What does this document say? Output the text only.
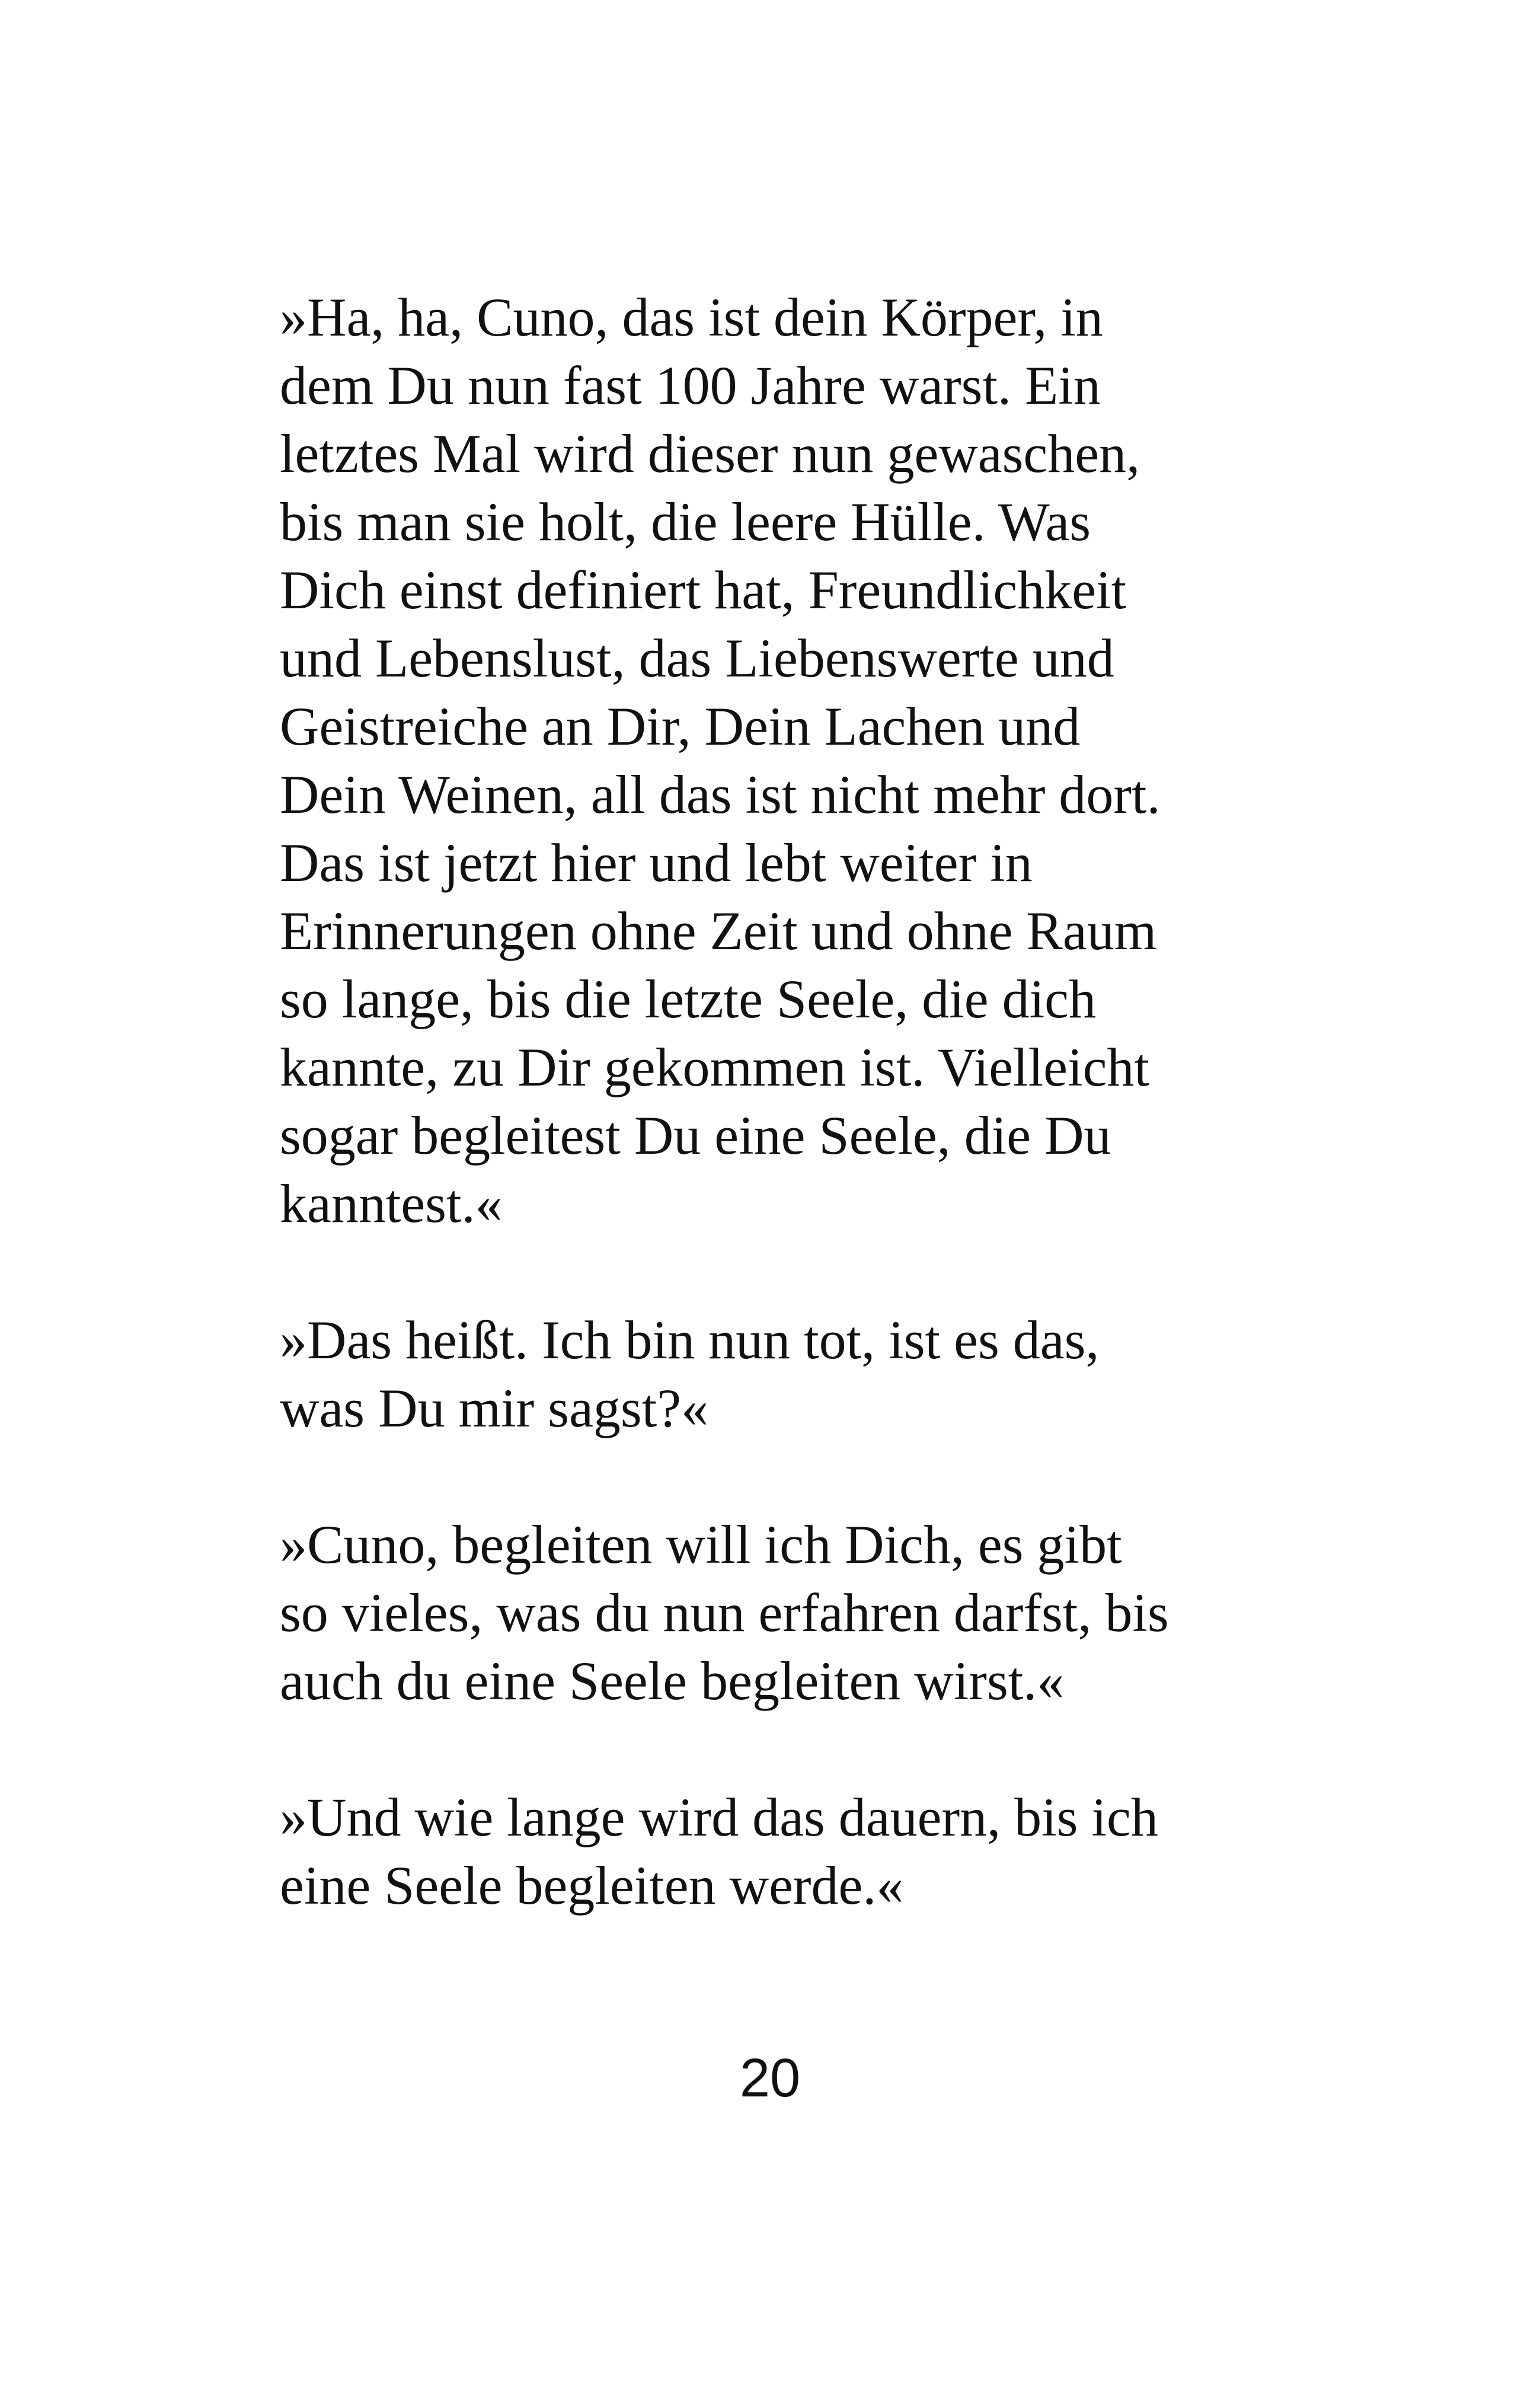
»Ha, ha, Cuno, das ist dein Körper, in
dem Du nun fast 100 Jahre warst. Ein
letztes Mal wird dieser nun gewaschen,
bis man sie holt, die leere Hülle. Was
Dich einst definiert hat, Freundlichkeit
und Lebenslust, das Liebenswerte und
Geistreiche an Dir, Dein Lachen und
Dein Weinen, all das ist nicht mehr dort.
Das ist jetzt hier und lebt weiter in
Erinnerungen ohne Zeit und ohne Raum
so lange, bis die letzte Seele, die dich
kannte, zu Dir gekommen ist. Vielleicht
sogar begleitest Du eine Seele, die Du
kanntest.«

»Das heißt. Ich bin nun tot, ist es das,
was Du mir sagst?«

»Cuno, begleiten will ich Dich, es gibt
so vieles, was du nun erfahren darfst, bis
auch du eine Seele begleiten wirst.«

»Und wie lange wird das dauern, bis ich
eine Seele begleiten werde.«

20
